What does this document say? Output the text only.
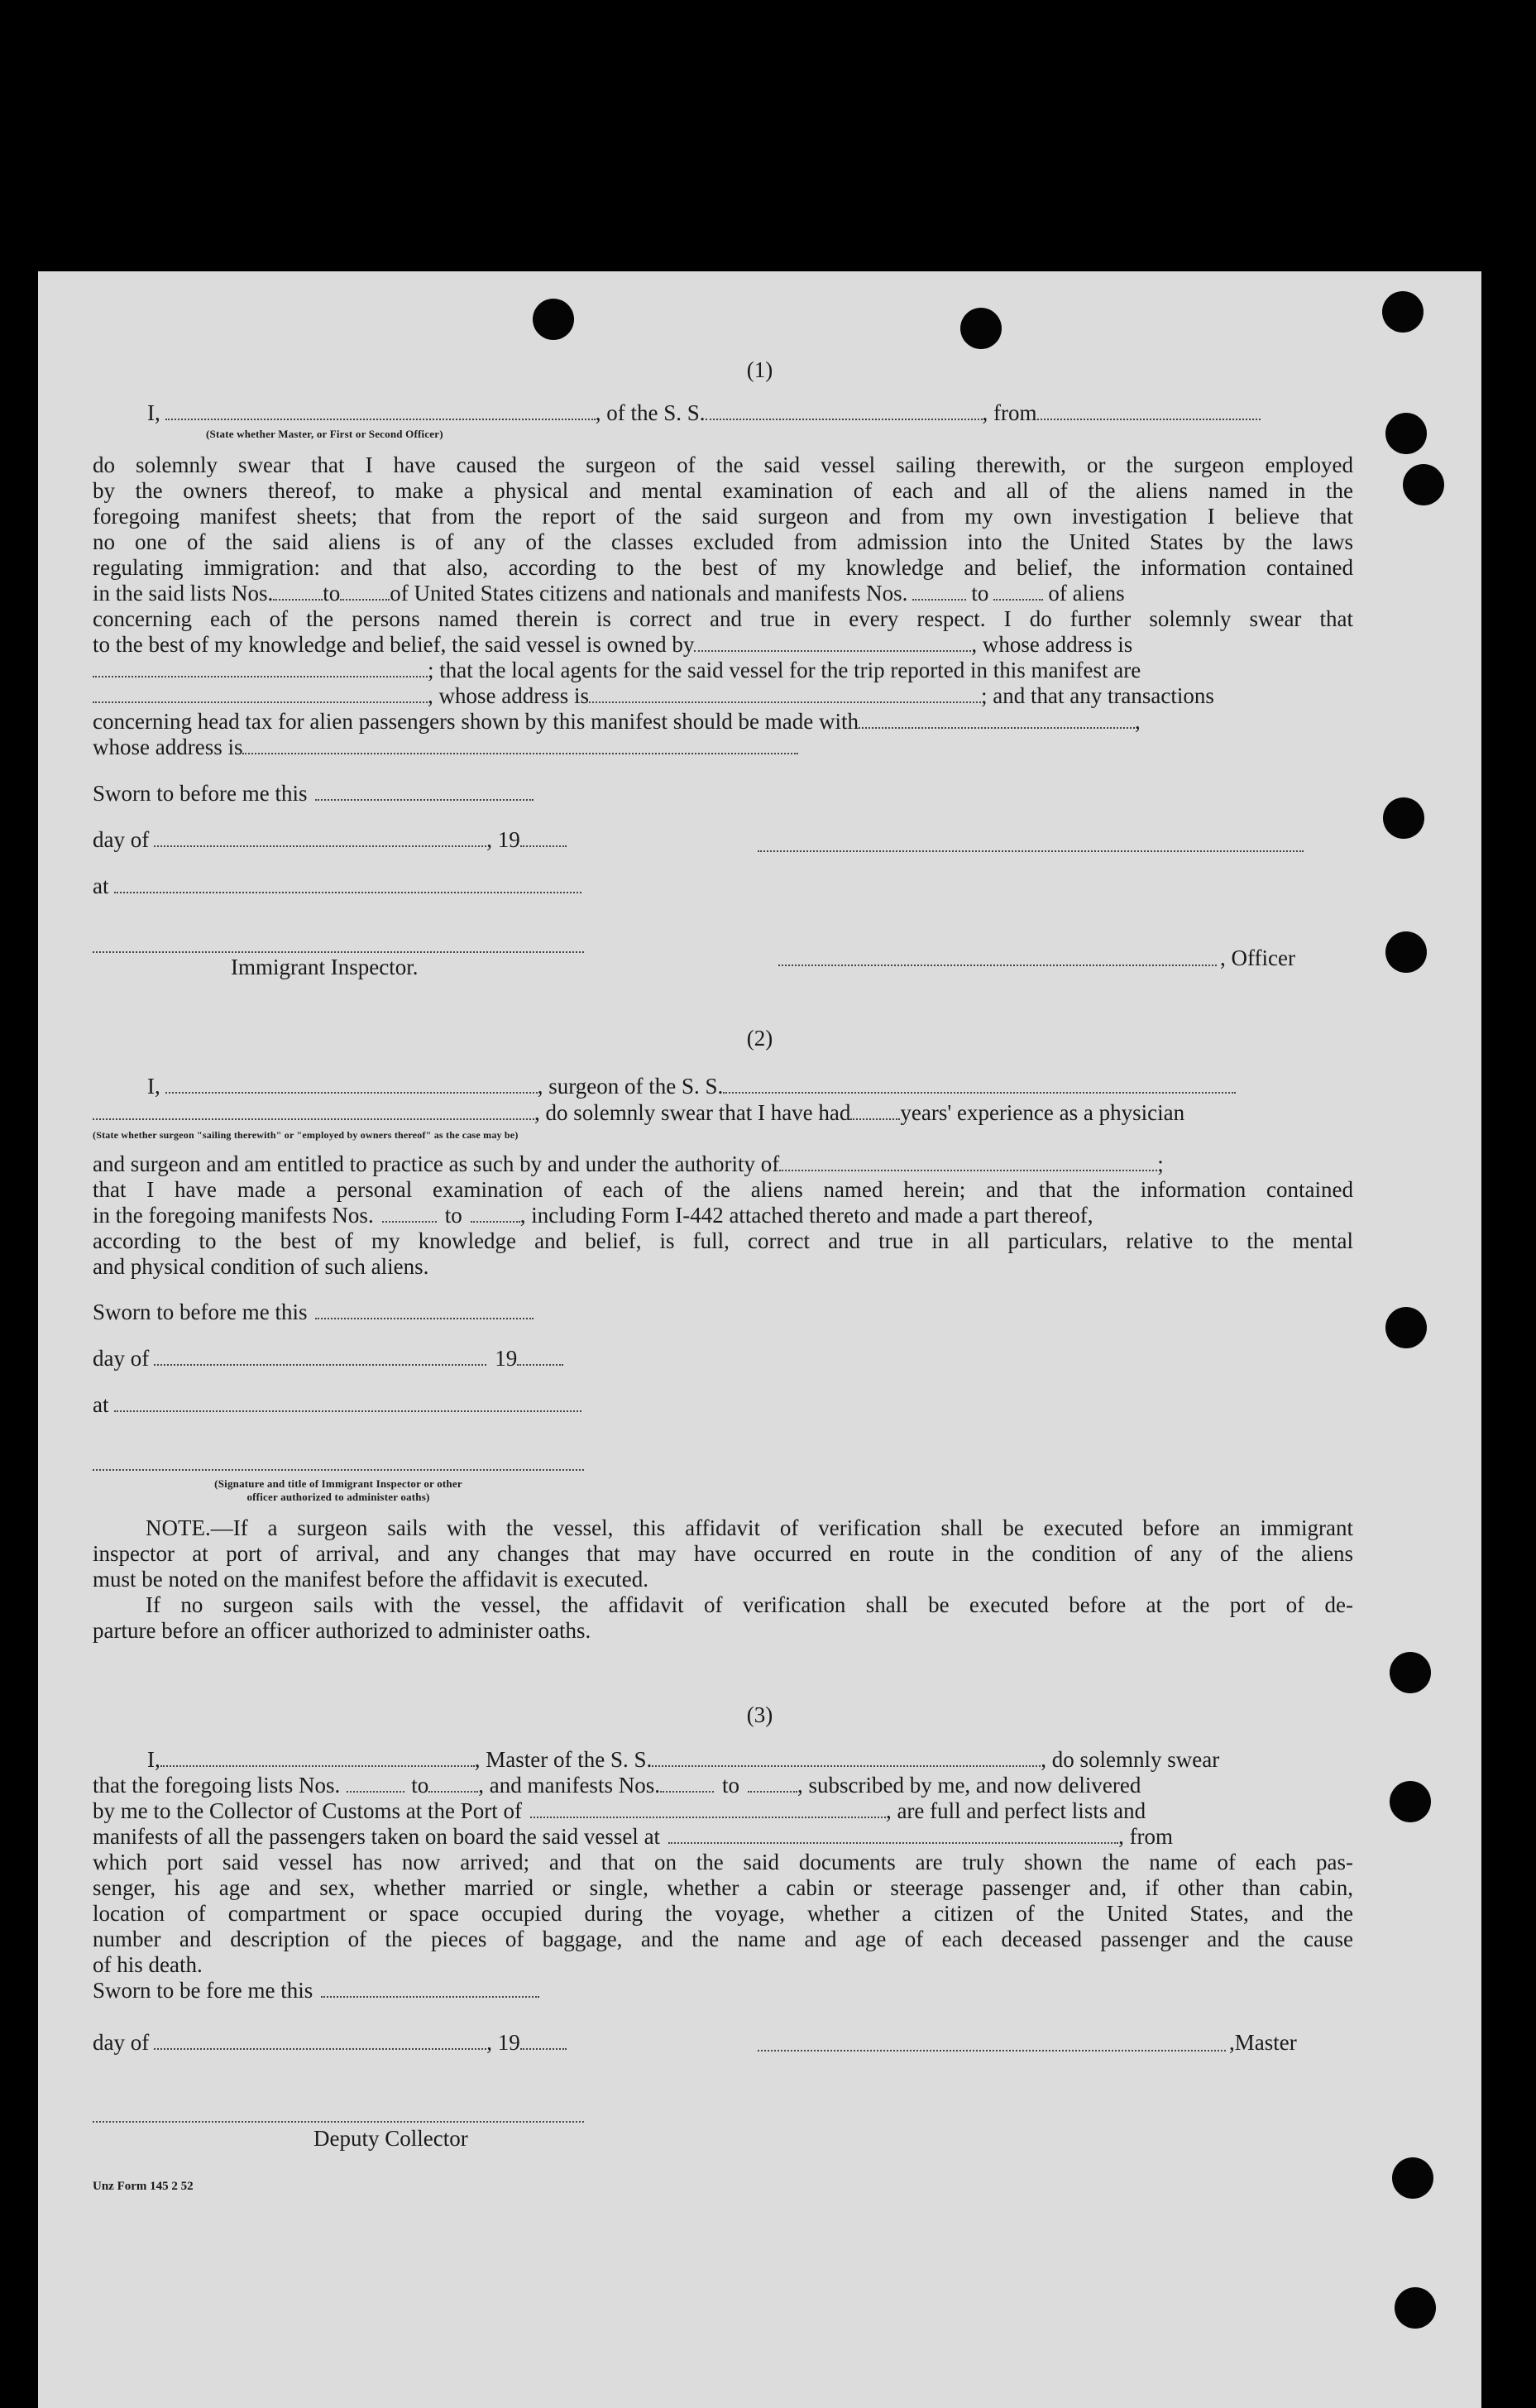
(1)
I,	, of the S. S.	, from
(State whether Master, or First or Second Officer)
do solemnly swear that I have caused the surgeon of the said vessel sailing therewith, or the surgeon employed
by the owners thereof, to make a physical and mental examination of each and all of the aliens named in the
foregoing manifest sheets; that from the report of the said surgeon and from my own investigation I believe that
no one of the said aliens is of any of the classes excluded from admission into the United States by the laws
regulating immigration: and that also, according to the best of my knowledge and belief, the information contained
in the said lists Nos. to of United States citizens and nationals and manifests Nos.	to	of aliens
concerning each of the persons named therein is correct and true in every respect. I do further solemnly swear that
to the best of my knowledge and belief, the said vessel is owned by	, whose address is
; that the local agents for the said vessel for the trip reported in this manifest are
, whose address is	; and that any transactions
concerning head tax for alien passengers shown by this manifest should be made with	,
whose address is
Sworn to before me this
day of	, 19
at
Immigrant Inspector.	, Officer
(2)
I,	, surgeon of the S. S.
, do solemnly swear that I have had years' experience as a physician
(State whether surgeon "sailing therewith" or "employed by owners thereof" as the case may be)
and surgeon and am entitled to practice as such by and under the authority of	;
that I have made a personal examination of each of the aliens named herein; and that the information contained
in the foregoing manifests Nos.	to	, including Form I-442 attached thereto and made a part thereof,
according to the best of my knowledge and belief, is full, correct and true in all particulars, relative to the mental
and physical condition of such aliens.
Sworn to before me this
day of	19
at
(Signature and title of Immigrant Inspector or other
officer authorized to administer oaths)
NOTE.—If a surgeon sails with the vessel, this affidavit of verification shall be executed before an immigrant
inspector at port of arrival, and any changes that may have occurred en route in the condition of any of the aliens
must be noted on the manifest before the affidavit is executed.
If no surgeon sails with the vessel, the affidavit of verification shall be executed before at the port of de-
parture before an officer authorized to administer oaths.
(3)
I,	, Master of the S. S.	, do solemnly swear
that the foregoing lists Nos.	to , and manifests Nos.	to	, subscribed by me, and now delivered
by me to the Collector of Customs at the Port of	, are full and perfect lists and
manifests of all the passengers taken on board the said vessel at	, from
which port said vessel has now arrived; and that on the said documents are truly shown the name of each pas-
senger, his age and sex, whether married or single, whether a cabin or steerage passenger and, if other than cabin,
location of compartment or space occupied during the voyage, whether a citizen of the United States, and the
number and description of the pieces of baggage, and the name and age of each deceased passenger and the cause
of his death.
Sworn to be fore me this
day of	, 19	,Master
Deputy Collector
Unz Form 145 2 52
